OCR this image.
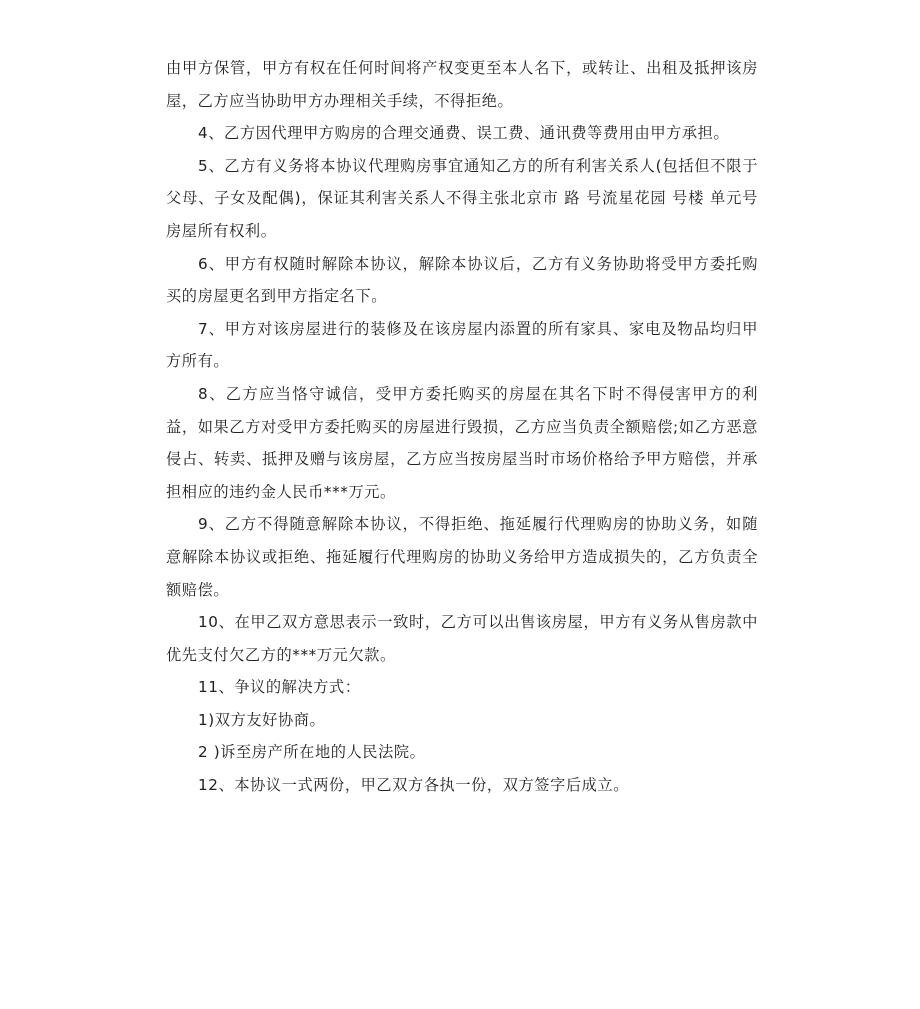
由甲方保管，甲方有权在任何时间将产权变更至本人名下，或转让、出租及抵押该房屋，乙方应当协助甲方办理相关手续，不得拒绝。

4、乙方因代理甲方购房的合理交通费、误工费、通讯费等费用由甲方承担。

5、乙方有义务将本协议代理购房事宜通知乙方的所有利害关系人(包括但不限于父母、子女及配偶)，保证其利害关系人不得主张北京市 路 号流星花园 号楼 单元号房屋所有权利。

6、甲方有权随时解除本协议，解除本协议后，乙方有义务协助将受甲方委托购买的房屋更名到甲方指定名下。

7、甲方对该房屋进行的装修及在该房屋内添置的所有家具、家电及物品均归甲方所有。

8、乙方应当恪守诚信，受甲方委托购买的房屋在其名下时不得侵害甲方的利益，如果乙方对受甲方委托购买的房屋进行毁损，乙方应当负责全额赔偿;如乙方恶意侵占、转卖、抵押及赠与该房屋，乙方应当按房屋当时市场价格给予甲方赔偿，并承担相应的违约金人民币***万元。

9、乙方不得随意解除本协议，不得拒绝、拖延履行代理购房的协助义务，如随意解除本协议或拒绝、拖延履行代理购房的协助义务给甲方造成损失的，乙方负责全额赔偿。

10、在甲乙双方意思表示一致时，乙方可以出售该房屋，甲方有义务从售房款中优先支付欠乙方的***万元欠款。

11、争议的解决方式：

1)双方友好协商。

2 )诉至房产所在地的人民法院。

12、本协议一式两份，甲乙双方各执一份，双方签字后成立。
